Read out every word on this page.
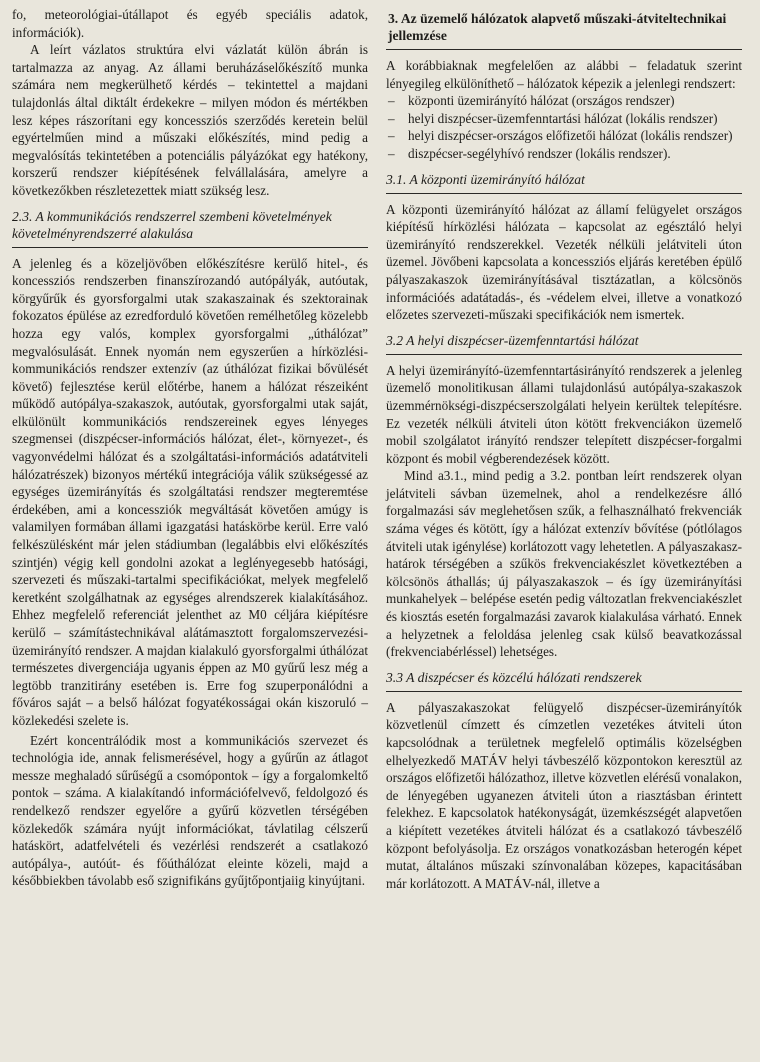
fo, meteorológiai-útállapot és egyéb speciális adatok, információk).

A leírt vázlatos struktúra elvi vázlatát külön ábrán is tartalmazza az anyag. Az állami beruházáselőkészítő munka számára nem megkerülhető kérdés – tekintettel a majdani tulajdonlás által diktált érdekekre – milyen módon és mértékben lesz képes rászorítani egy koncessziós szerződés keretein belül egyértelműen mind a műszaki előkészítés, mind pedig a megvalósítás tekintetében a potenciális pályázókat egy hatékony, korszerű rendszer kiépítésének felvállalására, amelyre a következőkben részletezettek miatt szükség lesz.

2.3. A kommunikációs rendszerrel szembeni követelmények követelményrendszerré alakulása

A jelenleg és a közeljövőben előkészítésre kerülő hitel-, és koncessziós rendszerben finanszírozandó autópályák, autóutak, körgyűrűk és gyorsforgalmi utak szakaszainak és szektorainak fokozatos épülése az ezredforduló követően remélhetőleg közelebb hozza egy valós, komplex gyorsforgalmi „úthálózat” megvalósulását. Ennek nyomán nem egyszerűen a hírközlési-kommunikációs rendszer extenzív (az úthálózat fizikai bővülését követő) fejlesztése kerül előtérbe, hanem a hálózat részeiként működő autópálya-szakaszok, autóutak, gyorsforgalmi utak saját, elkülönült kommunikációs rendszereinek egyes lényeges szegmensei (diszpécser-információs hálózat, élet-, környezet-, és vagyonvédelmi hálózat és a szolgáltatási-információs adatátviteli hálózatrészek) bizonyos mértékű integrációja válik szükségessé az egységes üzemirányítás és szolgáltatási rendszer megteremtése érdekében, ami a koncessziók megváltását követően amúgy is valamilyen formában állami igazgatási hatáskörbe kerül. Erre való felkészülésként már jelen stádiumban (legalábbis elvi előkészítés szintjén) végig kell gondolni azokat a leglényegesebb hatósági, szervezeti és műszaki-tartalmi specifikációkat, melyek megfelelő keretként szolgálhatnak az egységes alrendszerek kialakításához. Ehhez megfelelő referenciát jelenthet az M0 céljára kiépítésre kerülő – számítástechnikával alátámasztott forgalomszervezési-üzemirányító rendszer. A majdan kialakuló gyorsforgalmi úthálózat természetes divergenciája ugyanis éppen az M0 gyűrű lesz még a legtöbb tranzitirány esetében is. Erre fog szuperponálódni a főváros saját – a belső hálózat fogyatékosságai okán kiszoruló – közlekedési szelete is.

Ezért koncentrálódik most a kommunikációs szervezet és technológia ide, annak felismerésével, hogy a gyűrűn az átlagot messze meghaladó sűrűségű a csomópontok – így a forgalomkeltő pontok – száma. A kialakítandó információfelvevő, feldolgozó és rendelkező rendszer egyelőre a gyűrű közvetlen térségében közlekedők számára nyújt információkat, távlatilag célszerű hatáskört, adatfelvételi és vezérlési rendszerét a csatlakozó autópálya-, autóút- és főúthálózat eleinte közeli, majd a későbbiekben távolabb eső szignifikáns gyűjtőpontjaiig kinyújtani.

3. Az üzemelő hálózatok alapvető műszaki-átviteltechnikai jellemzése

A korábbiaknak megfelelően az alábbi – feladatuk szerint lényegileg elkülöníthető – hálózatok képezik a jelenlegi rendszert:

– központi üzemirányító hálózat (országos rendszer)
– helyi diszpécser-üzemfenntartási hálózat (lokális rendszer)
– helyi diszpécser-országos előfizetői hálózat (lokális rendszer)
– diszpécser-segélyhívó rendszer (lokális rendszer).
3.1. A központi üzemirányító hálózat

A központi üzemirányító hálózat az államí felügyelet országos kiépítésű hírközlési hálózata – kapcsolat az egésztáló helyi üzemirányító rendszerekkel. Vezeték nélküli jelátviteli úton üzemel. Jövőbeni kapcsolata a koncessziós eljárás keretében épülő pályaszakaszok üzemirányításával tisztázatlan, a kölcsönös információés adatátadás-, és -védelem elvei, illetve a vonatkozó előzetes szervezeti-műszaki specifikációk nem ismertek.

3.2 A helyi diszpécser-üzemfenntartási hálózat

A helyi üzemirányító-üzemfenntartásirányító rendszerek a jelenleg üzemelő monolitikusan állami tulajdonlású autópálya-szakaszok üzemmérnökségi-diszpécserszolgálati helyein kerültek telepítésre. Ez vezeték nélküli átviteli úton kötött frekvenciákon üzemelő mobil szolgálatot irányító rendszer telepített diszpécser-forgalmi központ és mobil végberendezések között.

Mind a3.1., mind pedig a 3.2. pontban leírt rendszerek olyan jelátviteli sávban üzemelnek, ahol a rendelkezésre álló forgalmazási sáv meglehetősen szűk, a felhasználható frekvenciák száma véges és kötött, így a hálózat extenzív bővítése (pótlólagos átviteli utak igénylése) korlátozott vagy lehetetlen. A pályaszakasz-határok térségében a szűkös frekvenciakészlet következtében a kölcsönös áthallás; új pályaszakaszok – és így üzemirányítási munkahelyek – belépése esetén pedig változatlan frekvenciakészlet és kiosztás esetén forgalmazási zavarok kialakulása várható. Ennek a helyzetnek a feloldása jelenleg csak külső beavatkozással (frekvenciabérléssel) lehetséges.

3.3 A diszpécser és közcélú hálózati rendszerek

A pályaszakaszokat felügyelő diszpécser-üzemirányítók közvetlenül címzett és címzetlen vezetékes átviteli úton kapcsolódnak a területnek megfelelő optimális közelségben elhelyezkedő MATÁV helyi távbeszélő központokon keresztül az országos előfizetői hálózathoz, illetve közvetlen elérésű vonalakon, de lényegében ugyanezen átviteli úton a riasztásban érintett felekhez. E kapcsolatok hatékonyságát, üzemkészségét alapvetően a kiépített vezetékes átviteli hálózat és a csatlakozó távbeszélő központ befolyásolja. Ez országos vonatkozásban heterogén képet mutat, általános műszaki színvonalában közepes, kapacitásában már korlátozott. A MATÁV-nál, illetve a
